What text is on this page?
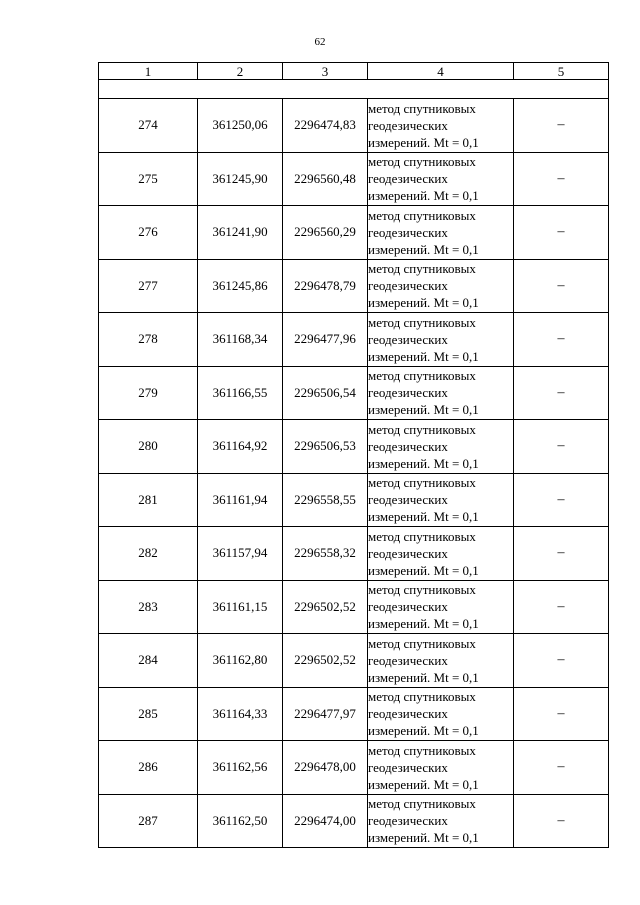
62
1	2	3	4	5

274	361250,06	2296474,83	метод спутниковых
геодезических
измерений. Mt = 0,1	–
275	361245,90	2296560,48	метод спутниковых
геодезических
измерений. Mt = 0,1	–
276	361241,90	2296560,29	метод спутниковых
геодезических
измерений. Mt = 0,1	–
277	361245,86	2296478,79	метод спутниковых
геодезических
измерений. Mt = 0,1	–
278	361168,34	2296477,96	метод спутниковых
геодезических
измерений. Mt = 0,1	–
279	361166,55	2296506,54	метод спутниковых
геодезических
измерений. Mt = 0,1	–
280	361164,92	2296506,53	метод спутниковых
геодезических
измерений. Mt = 0,1	–
281	361161,94	2296558,55	метод спутниковых
геодезических
измерений. Mt = 0,1	–
282	361157,94	2296558,32	метод спутниковых
геодезических
измерений. Mt = 0,1	–
283	361161,15	2296502,52	метод спутниковых
геодезических
измерений. Mt = 0,1	–
284	361162,80	2296502,52	метод спутниковых
геодезических
измерений. Mt = 0,1	–
285	361164,33	2296477,97	метод спутниковых
геодезических
измерений. Mt = 0,1	–
286	361162,56	2296478,00	метод спутниковых
геодезических
измерений. Mt = 0,1	–
287	361162,50	2296474,00	метод спутниковых
геодезических
измерений. Mt = 0,1	–
